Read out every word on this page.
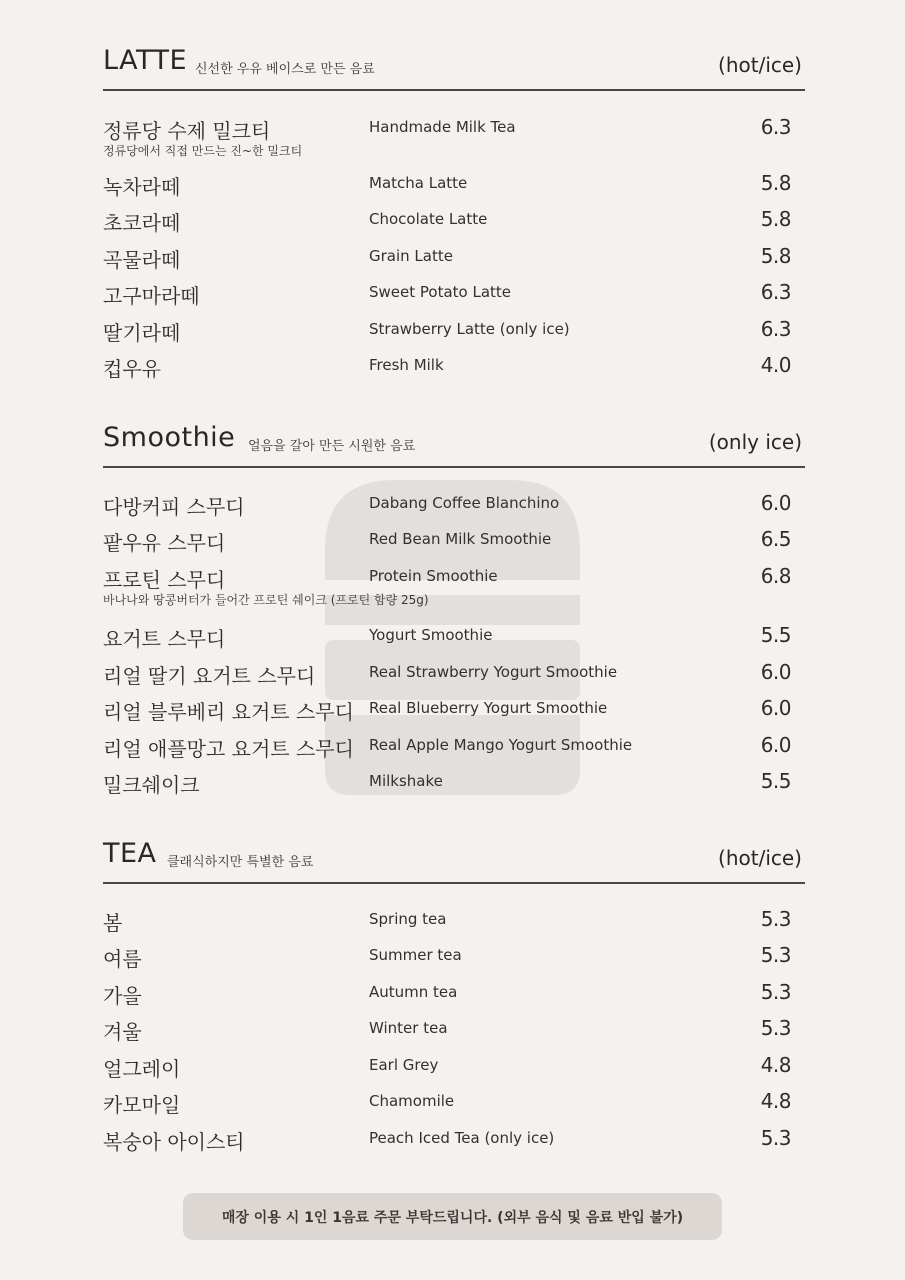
LATTE 신선한 우유 베이스로 만든 음료	(hot/ice)
정류당 수제 밀크티	Handmade Milk Tea	6.3
정류당에서 직접 만드는 진~한 밀크티
녹차라떼	Matcha Latte	5.8
초코라떼	Chocolate Latte	5.8
곡물라떼	Grain Latte	5.8
고구마라떼	Sweet Potato Latte	6.3
딸기라떼	Strawberry Latte (only ice)	6.3
컵우유	Fresh Milk	4.0
Smoothie 얼음을 갈아 만든 시원한 음료	(only ice)
다방커피 스무디	Dabang Coffee Blanchino	6.0
팥우유 스무디	Red Bean Milk Smoothie	6.5
프로틴 스무디	Protein Smoothie	6.8
바나나와 땅콩버터가 들어간 프로틴 쉐이크 (프로틴 함량 25g)
요거트 스무디	Yogurt Smoothie	5.5
리얼 딸기 요거트 스무디	Real Strawberry Yogurt Smoothie	6.0
리얼 블루베리 요거트 스무디 Real Blueberry Yogurt Smoothie	6.0
리얼 애플망고 요거트 스무디 Real Apple Mango Yogurt Smoothie	6.0
밀크쉐이크	Milkshake	5.5
TEA 클래식하지만 특별한 음료	(hot/ice)
봄	Spring tea	5.3
여름	Summer tea	5.3
가을	Autumn tea	5.3
겨울	Winter tea	5.3
얼그레이	Earl Grey	4.8
카모마일	Chamomile	4.8
복숭아 아이스티	Peach Iced Tea (only ice)	5.3
매장 이용 시 1인 1음료 주문 부탁드립니다. (외부 음식 및 음료 반입 불가)
